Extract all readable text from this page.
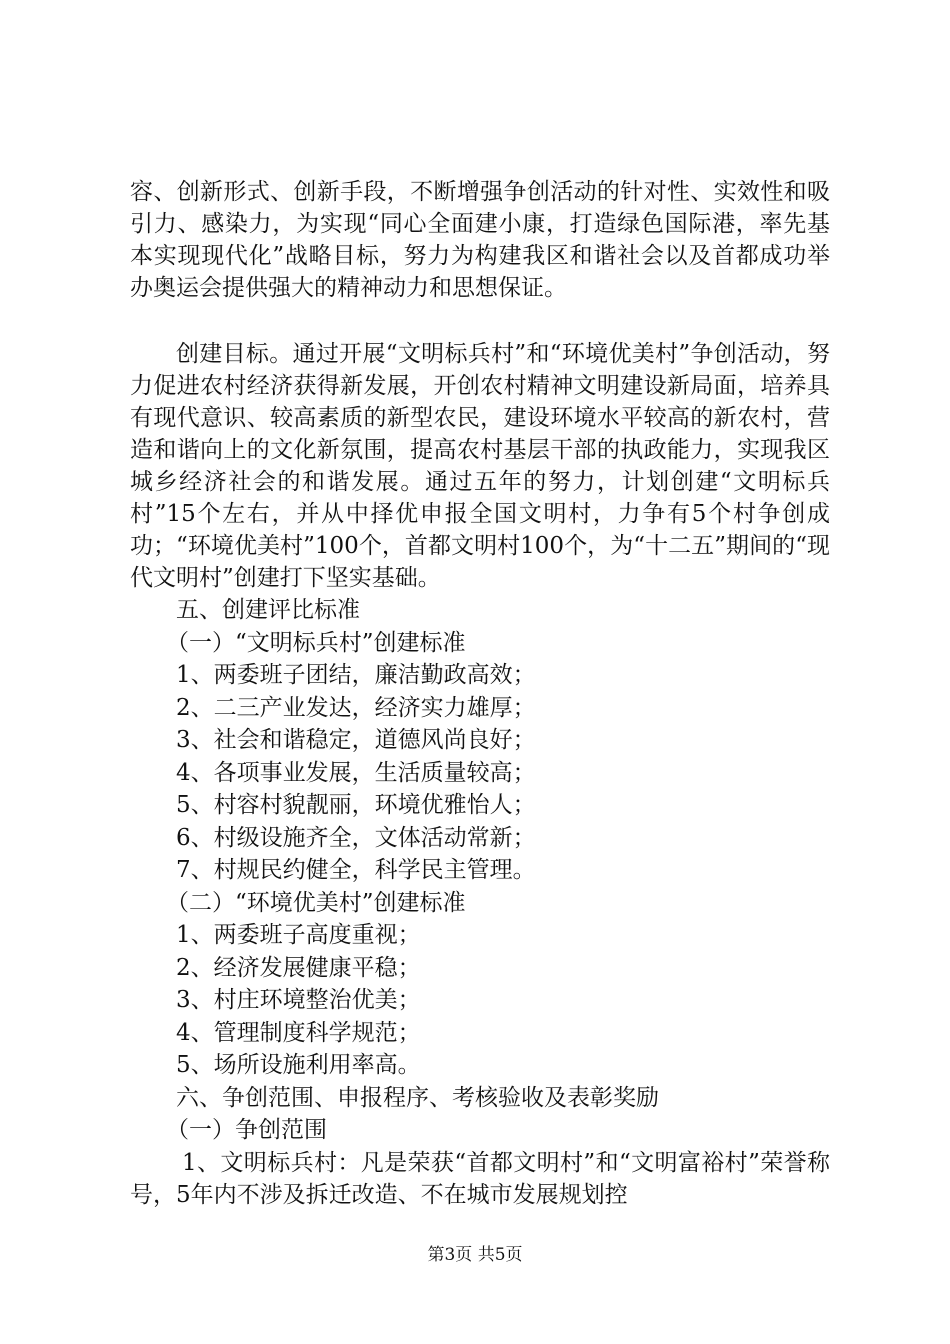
容、创新形式、创新手段，不断增强争创活动的针对性、实效性和吸引力、感染力，为实现“同心全面建小康，打造绿色国际港，率先基本实现现代化”战略目标，努力为构建我区和谐社会以及首都成功举办奥运会提供强大的精神动力和思想保证。

创建目标。通过开展“文明标兵村”和“环境优美村”争创活动，努力促进农村经济获得新发展，开创农村精神文明建设新局面，培养具有现代意识、较高素质的新型农民，建设环境水平较高的新农村，营造和谐向上的文化新氛围，提高农村基层干部的执政能力，实现我区城乡经济社会的和谐发展。通过五年的努力，计划创建“文明标兵村”15个左右，并从中择优申报全国文明村，力争有5个村争创成功；“环境优美村”100个，首都文明村100个，为“十二五”期间的“现代文明村”创建打下坚实基础。

五、创建评比标准

（一）“文明标兵村”创建标准

1、两委班子团结，廉洁勤政高效；

2、二三产业发达，经济实力雄厚；

3、社会和谐稳定，道德风尚良好；

4、各项事业发展，生活质量较高；

5、村容村貌靓丽，环境优雅怡人；

6、村级设施齐全，文体活动常新；

7、村规民约健全，科学民主管理。

（二）“环境优美村”创建标准

1、两委班子高度重视；

2、经济发展健康平稳；

3、村庄环境整治优美；

4、管理制度科学规范；

5、场所设施利用率高。

六、争创范围、申报程序、考核验收及表彰奖励

（一）争创范围

1、文明标兵村：凡是荣获“首都文明村”和“文明富裕村”荣誉称号，5年内不涉及拆迁改造、不在城市发展规划控

第3页 共5页
